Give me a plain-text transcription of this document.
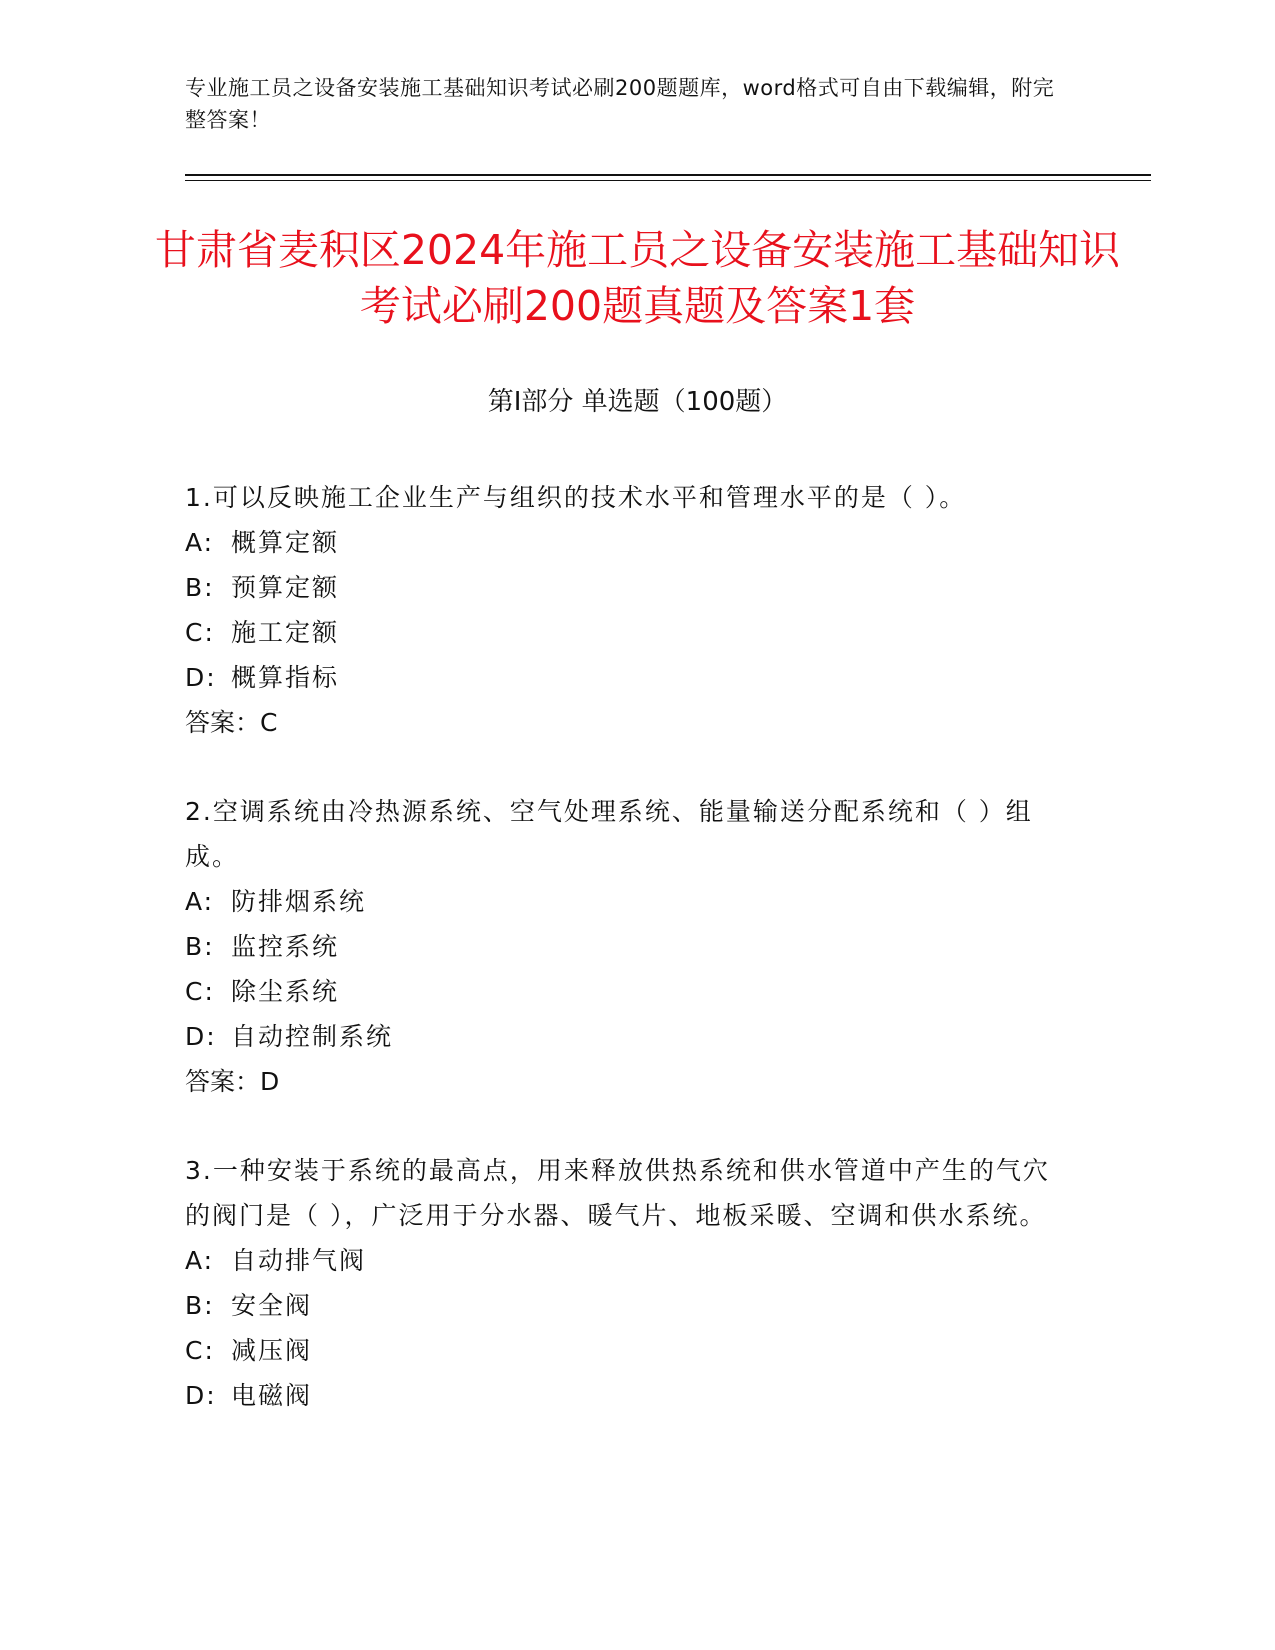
专业施工员之设备安装施工基础知识考试必刷200题题库，word格式可自由下载编辑，附完整答案！
甘肃省麦积区2024年施工员之设备安装施工基础知识考试必刷200题真题及答案1套
第Ⅰ部分 单选题（100题）

1.可以反映施工企业生产与组织的技术水平和管理水平的是（ ）。

A: 概算定额

B: 预算定额

C: 施工定额

D: 概算指标

答案：C

2.空调系统由冷热源系统、空气处理系统、能量输送分配系统和（ ）组成。

A: 防排烟系统

B: 监控系统

C: 除尘系统

D: 自动控制系统

答案：D

3.一种安装于系统的最高点，用来释放供热系统和供水管道中产生的气穴的阀门是（ ），广泛用于分水器、暖气片、地板采暖、空调和供水系统。

A: 自动排气阀

B: 安全阀

C: 减压阀

D: 电磁阀
